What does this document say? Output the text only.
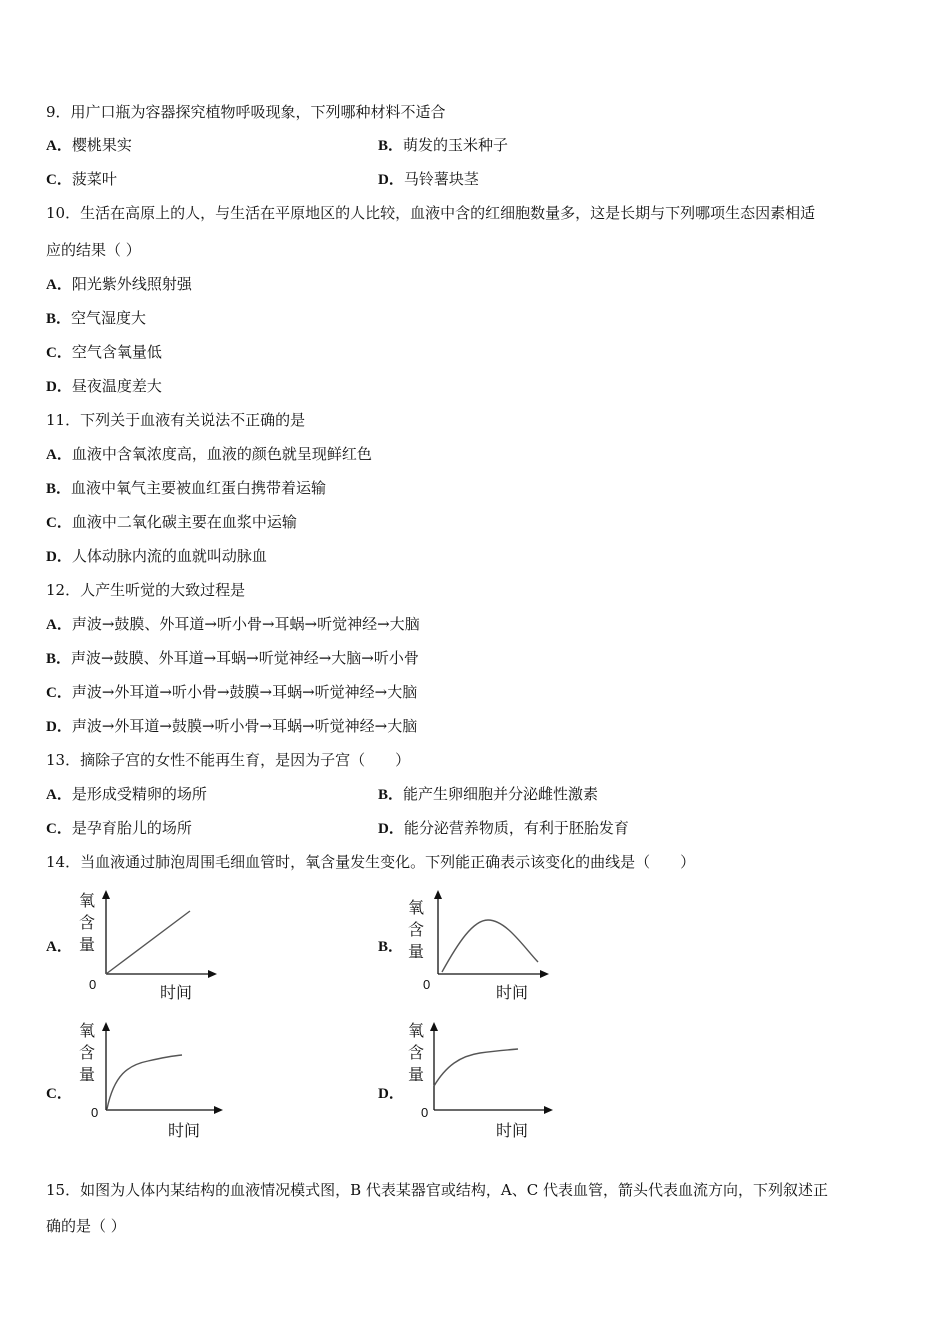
9．用广口瓶为容器探究植物呼吸现象，下列哪种材料不适合
A．樱桃果实	B．萌发的玉米种子
C．菠菜叶	D．马铃薯块茎
10．生活在高原上的人，与生活在平原地区的人比较，血液中含的红细胞数量多，这是长期与下列哪项生态因素相适
应的结果（ ）
A．阳光紫外线照射强
B．空气湿度大
C．空气含氧量低
D．昼夜温度差大
11．下列关于血液有关说法不正确的是
A．血液中含氧浓度高，血液的颜色就呈现鲜红色
B．血液中氧气主要被血红蛋白携带着运输
C．血液中二氧化碳主要在血浆中运输
D．人体动脉内流的血就叫动脉血
12．人产生听觉的大致过程是
A．声波→鼓膜、外耳道→听小骨→耳蜗→听觉神经→大脑
B．声波→鼓膜、外耳道→耳蜗→听觉神经→大脑→听小骨
C．声波→外耳道→听小骨→鼓膜→耳蜗→听觉神经→大脑
D．声波→外耳道→鼓膜→听小骨→耳蜗→听觉神经→大脑
13．摘除子宫的女性不能再生育，是因为子宫（　　）
A．是形成受精卵的场所	B．能产生卵细胞并分泌雌性激素
C．是孕育胎儿的场所	D．能分泌营养物质，有利于胚胎发育
14．当血液通过肺泡周围毛细血管时，氧含量发生变化。下列能正确表示该变化的曲线是（　　）
A．
氧含量
0	时间
B．
氧含量
0	时间
C．
氧含量
0
时间
D．
氧含量
0
时间
15．如图为人体内某结构的血液情况模式图，B 代表某器官或结构，A、C 代表血管，箭头代表血流方向，下列叙述正
确的是（ ）
